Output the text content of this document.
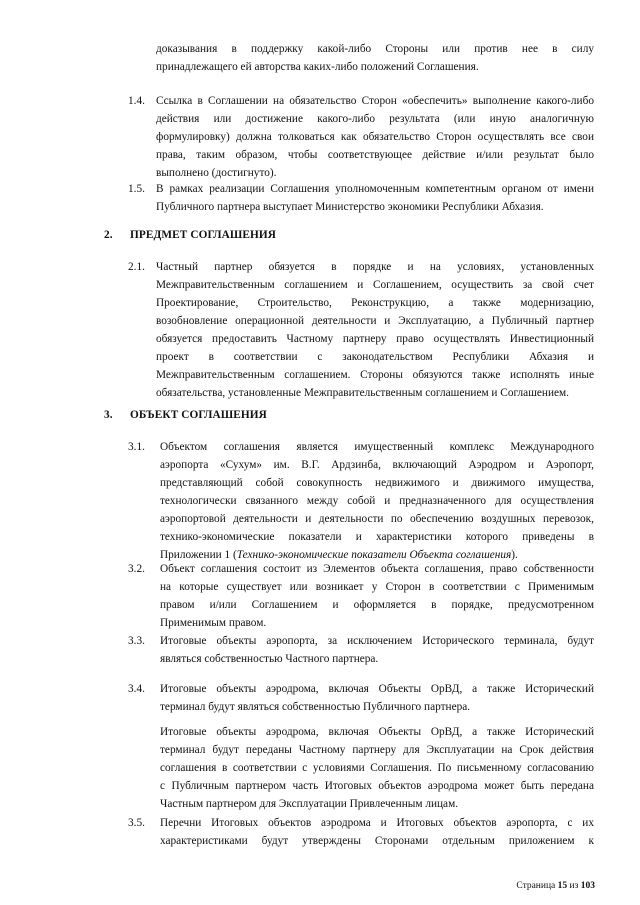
доказывания в поддержку какой-либо Стороны или против нее в силу
принадлежащего ей авторства каких-либо положений Соглашения.
1.4. Ссылка в Соглашении на обязательство Сторон «обеспечить» выполнение какого-либо
действия или достижение какого-либо результата (или иную аналогичную
формулировку) должна толковаться как обязательство Сторон осуществлять все свои
права, таким образом, чтобы соответствующее действие и/или результат было
выполнено (достигнуто).
1.5. В рамках реализации Соглашения уполномоченным компетентным органом от имени
Публичного партнера выступает Министерство экономики Республики Абхазия.
2. ПРЕДМЕТ СОГЛАШЕНИЯ
2.1. Частный партнер обязуется в порядке и на условиях, установленных
Межправительственным соглашением и Соглашением, осуществить за свой счет
Проектирование, Строительство, Реконструкцию, а также модернизацию,
возобновление операционной деятельности и Эксплуатацию, а Публичный партнер
обязуется предоставить Частному партнеру право осуществлять Инвестиционный
проект в соответствии с законодательством Республики Абхазия и
Межправительственным соглашением. Стороны обязуются также исполнять иные
обязательства, установленные Межправительственным соглашением и Соглашением.
3. ОБЪЕКТ СОГЛАШЕНИЯ
3.1. Объектом соглашения является имущественный комплекс Международного
аэропорта «Сухум» им. В.Г. Ардзинба, включающий Аэродром и Аэропорт,
представляющий собой совокупность недвижимого и движимого имущества,
технологически связанного между собой и предназначенного для осуществления
аэропортовой деятельности и деятельности по обеспечению воздушных перевозок,
технико-экономические показатели и характеристики которого приведены в
Приложении 1 (Технико-экономические показатели Объекта соглашения).
3.2. Объект соглашения состоит из Элементов объекта соглашения, право собственности
на которые существует или возникает у Сторон в соответствии с Применимым
правом и/или Соглашением и оформляется в порядке, предусмотренном
Применимым правом.
3.3. Итоговые объекты аэропорта, за исключением Исторического терминала, будут
являться собственностью Частного партнера.
3.4. Итоговые объекты аэродрома, включая Объекты ОрВД, а также Исторический
терминал будут являться собственностью Публичного партнера.
Итоговые объекты аэродрома, включая Объекты ОрВД, а также Исторический
терминал будут переданы Частному партнеру для Эксплуатации на Срок действия
соглашения в соответствии с условиями Соглашения. По письменному согласованию
с Публичным партнером часть Итоговых объектов аэродрома может быть передана
Частным партнером для Эксплуатации Привлеченным лицам.
3.5. Перечни Итоговых объектов аэродрома и Итоговых объектов аэропорта, с их
характеристиками будут утверждены Сторонами отдельным приложением к
Страница 15 из 103
